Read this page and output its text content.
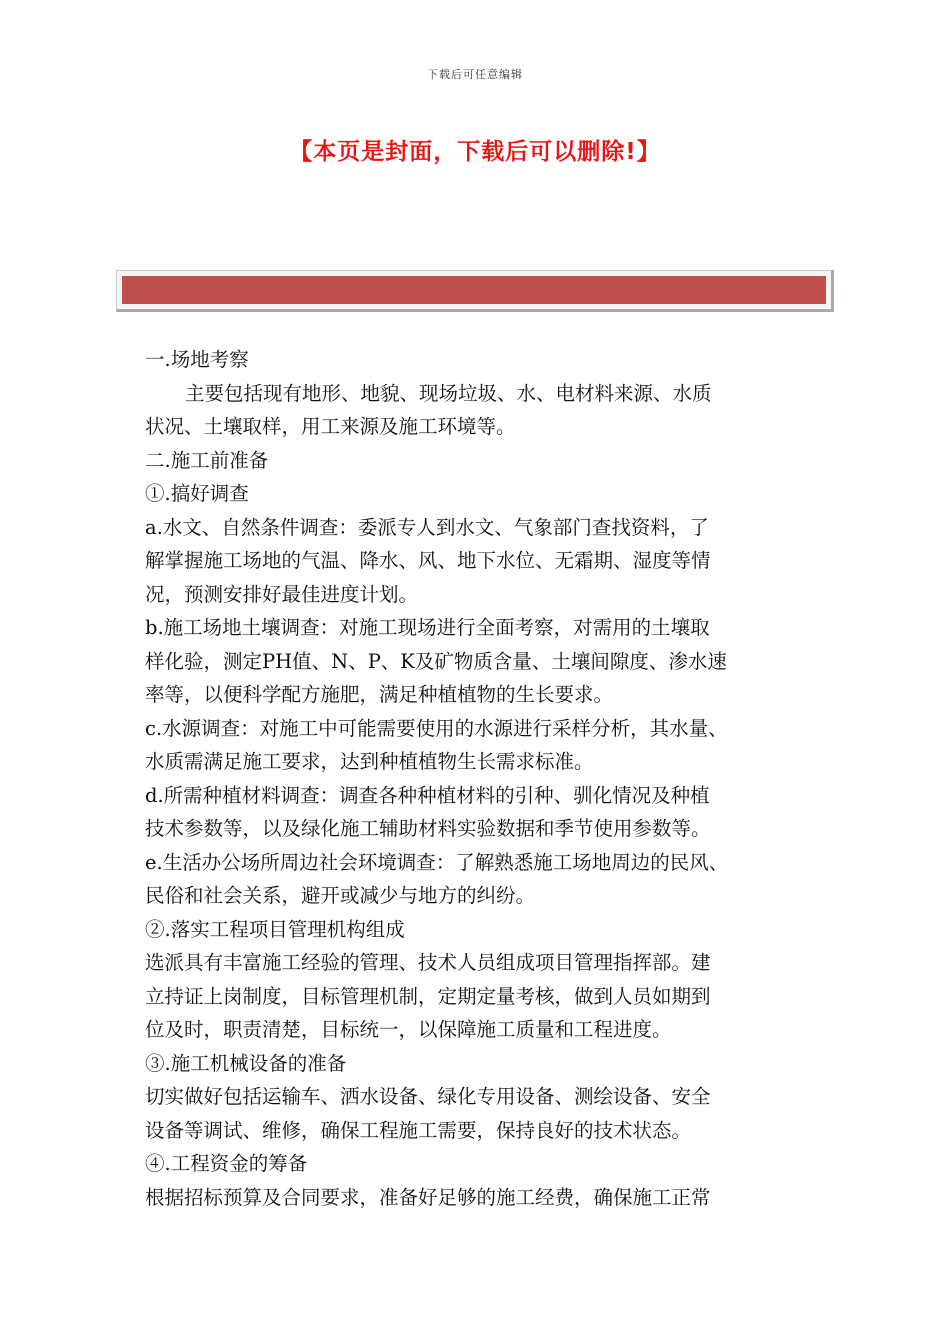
下载后可任意编辑
【本页是封面，下载后可以删除!】

一.场地考察

主要包括现有地形、地貌、现场垃圾、水、电材料来源、水质

状况、土壤取样，用工来源及施工环境等。

二.施工前准备

①.搞好调查

a.水文、自然条件调查：委派专人到水文、气象部门查找资料，了

解掌握施工场地的气温、降水、风、地下水位、无霜期、湿度等情

况，预测安排好最佳进度计划。

b.施工场地土壤调查：对施工现场进行全面考察，对需用的土壤取

样化验，测定PH值、N、P、K及矿物质含量、土壤间隙度、渗水速

率等，以便科学配方施肥，满足种植植物的生长要求。

c.水源调查：对施工中可能需要使用的水源进行采样分析，其水量、

水质需满足施工要求，达到种植植物生长需求标准。

d.所需种植材料调查：调查各种种植材料的引种、驯化情况及种植

技术参数等，以及绿化施工辅助材料实验数据和季节使用参数等。

e.生活办公场所周边社会环境调查：了解熟悉施工场地周边的民风、

民俗和社会关系，避开或减少与地方的纠纷。

②.落实工程项目管理机构组成

选派具有丰富施工经验的管理、技术人员组成项目管理指挥部。建

立持证上岗制度，目标管理机制，定期定量考核，做到人员如期到

位及时，职责清楚，目标统一，以保障施工质量和工程进度。

③.施工机械设备的准备

切实做好包括运输车、洒水设备、绿化专用设备、测绘设备、安全

设备等调试、维修，确保工程施工需要，保持良好的技术状态。

④.工程资金的筹备

根据招标预算及合同要求，准备好足够的施工经费，确保施工正常
